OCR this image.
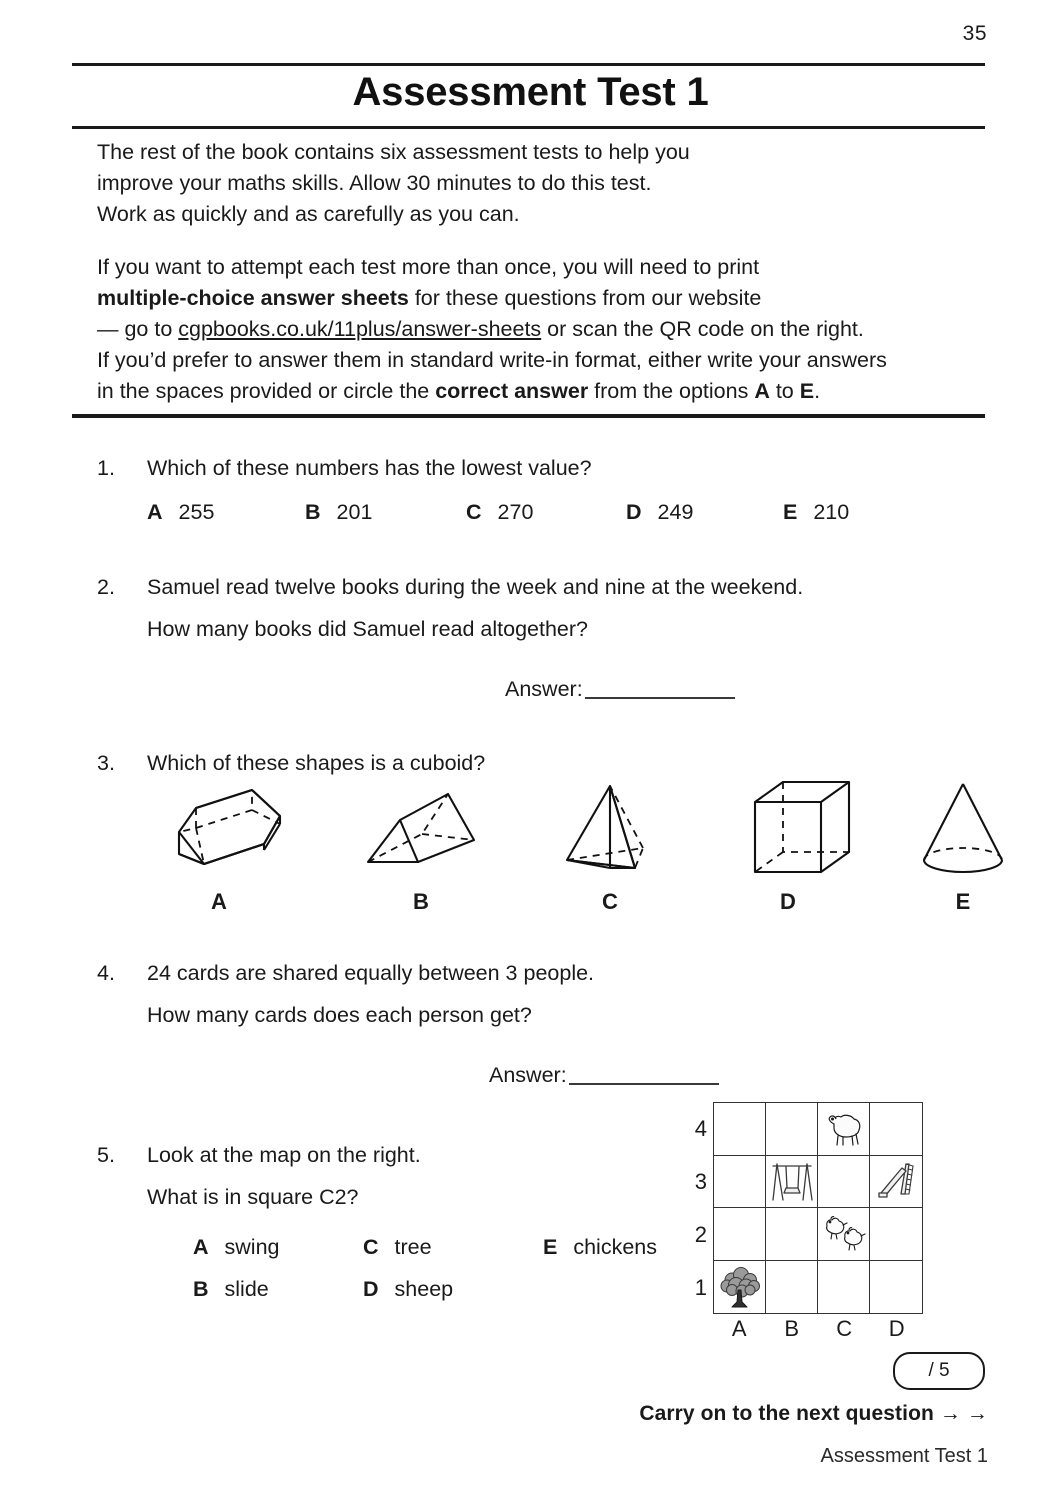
35
Assessment Test 1

The rest of the book contains six assessment tests to help you

improve your maths skills. Allow 30 minutes to do this test.

Work as quickly and as carefully as you can.

If you want to attempt each test more than once, you will need to print

multiple-choice answer sheets for these questions from our website

— go to cgpbooks.co.uk/11plus/answer-sheets or scan the QR code on the right.

If you’d prefer to answer them in standard write-in format, either write your answers

in the spaces provided or circle the correct answer from the options A to E.

1.	Which of these numbers has the lowest value?
A 255	B 201	C 270	D 249	E 210
2.	Samuel read twelve books during the week and nine at the weekend.
How many books did Samuel read altogether?
Answer:
3.	Which of these shapes is a cuboid?
A	B	C	D	E
4.	24 cards are shared equally between 3 people.
How many cards does each person get?
Answer:
5.	Look at the map on the right.
What is in square C2?
A swing	C tree	E chickens
B slide	D sheep
4
3
2
1
A	B	C	D
/ 5
Carry on to the next question → →
Assessment Test 1
